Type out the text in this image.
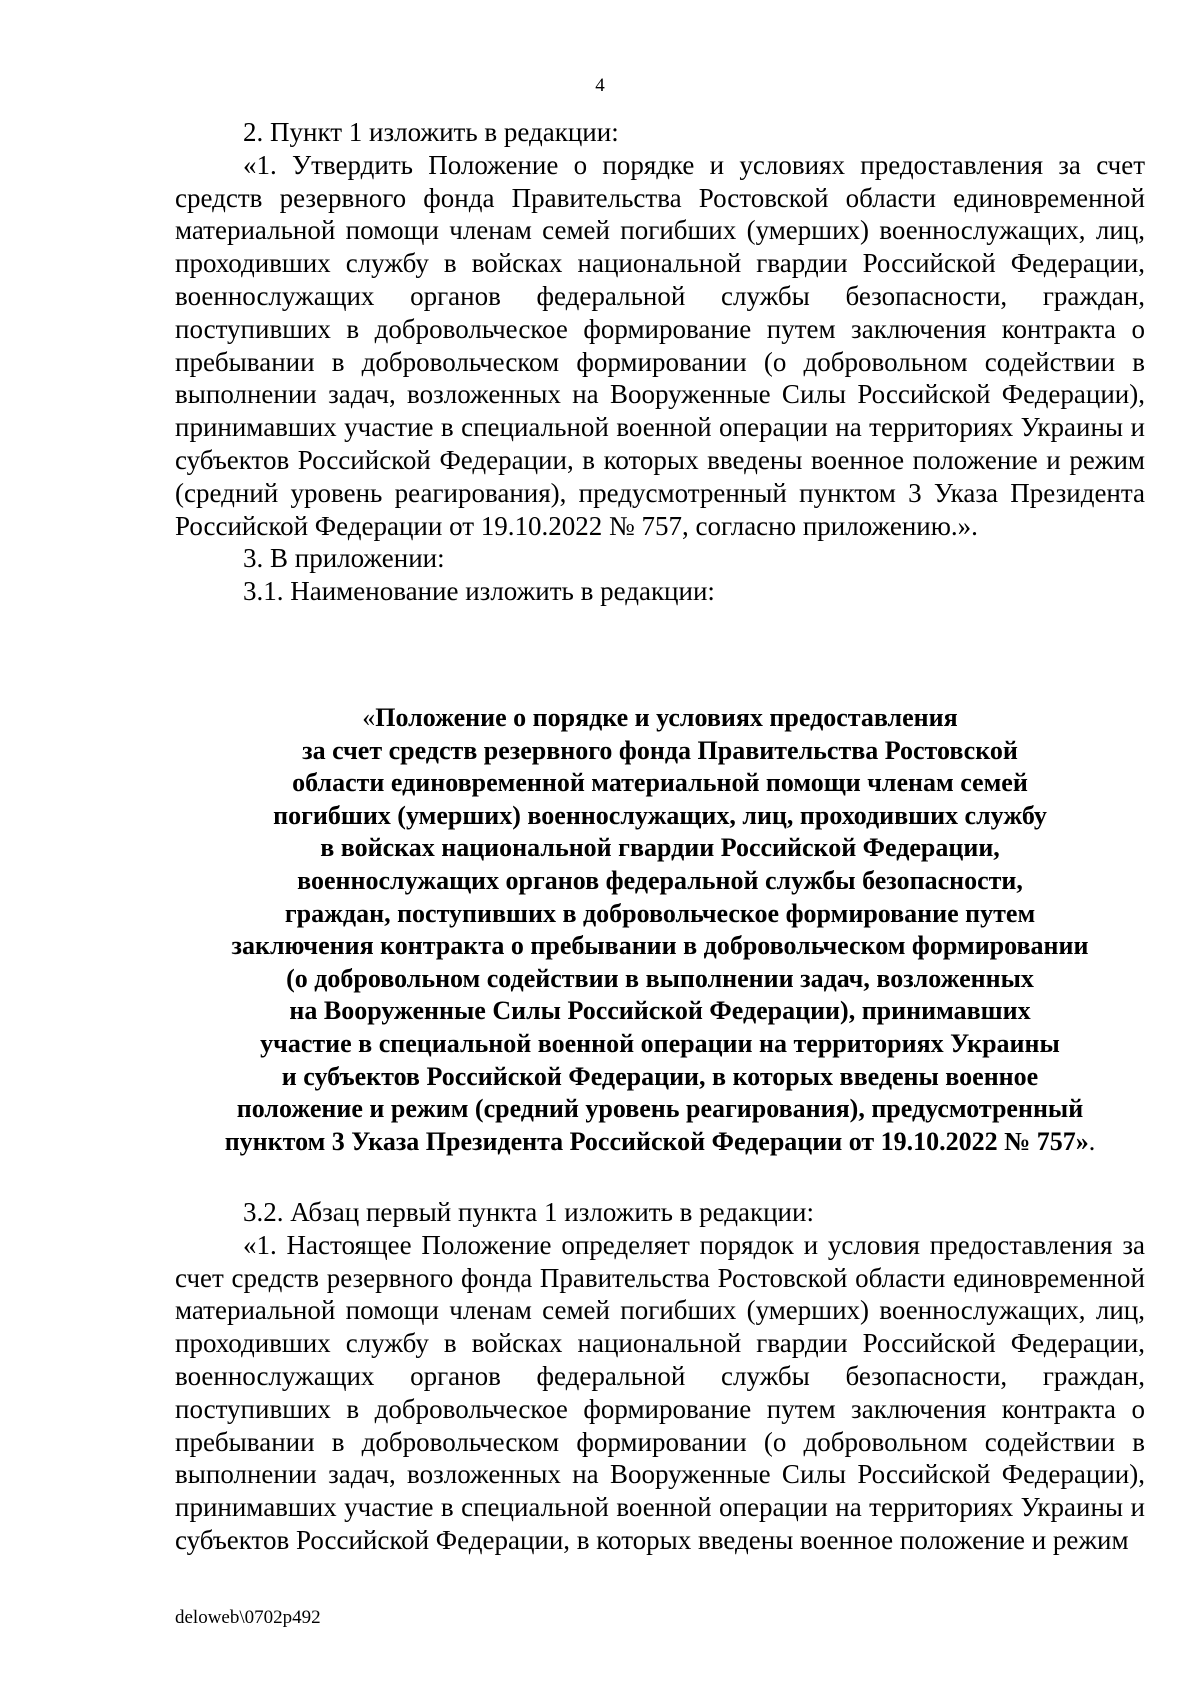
4

2. Пункт 1 изложить в редакции:

«1. Утвердить Положение о порядке и условиях предоставления за счет средств резервного фонда Правительства Ростовской области единовременной материальной помощи членам семей погибших (умерших) военнослужащих, лиц, проходивших службу в войсках национальной гвардии Российской Федерации, военнослужащих органов федеральной службы безопасности, граждан, поступивших в добровольческое формирование путем заключения контракта о пребывании в добровольческом формировании (о добровольном содействии в выполнении задач, возложенных на Вооруженные Силы Российской Федерации), принимавших участие в специальной военной операции на территориях Украины и субъектов Российской Федерации, в которых введены военное положение и режим (средний уровень реагирования), предусмотренный пунктом 3 Указа Президента Российской Федерации от 19.10.2022 № 757, согласно приложению.».

3. В приложении:

3.1. Наименование изложить в редакции:

«Положение о порядке и условиях предоставления
за счет средств резервного фонда Правительства Ростовской
области единовременной материальной помощи членам семей
погибших (умерших) военнослужащих, лиц, проходивших службу
в войсках национальной гвардии Российской Федерации,
военнослужащих органов федеральной службы безопасности,
граждан, поступивших в добровольческое формирование путем
заключения контракта о пребывании в добровольческом формировании
(о добровольном содействии в выполнении задач, возложенных
на Вооруженные Силы Российской Федерации), принимавших
участие в специальной военной операции на территориях Украины
и субъектов Российской Федерации, в которых введены военное
положение и режим (средний уровень реагирования), предусмотренный
пунктом 3 Указа Президента Российской Федерации от 19.10.2022 № 757».

3.2. Абзац первый пункта 1 изложить в редакции:

«1. Настоящее Положение определяет порядок и условия предоставления за счет средств резервного фонда Правительства Ростовской области единовременной материальной помощи членам семей погибших (умерших) военнослужащих, лиц, проходивших службу в войсках национальной гвардии Российской Федерации, военнослужащих органов федеральной службы безопасности, граждан, поступивших в добровольческое формирование путем заключения контракта о пребывании в добровольческом формировании (о добровольном содействии в выполнении задач, возложенных на Вооруженные Силы Российской Федерации), принимавших участие в специальной военной операции на территориях Украины и субъектов Российской Федерации, в которых введены военное положение и режим

deloweb\0702p492
